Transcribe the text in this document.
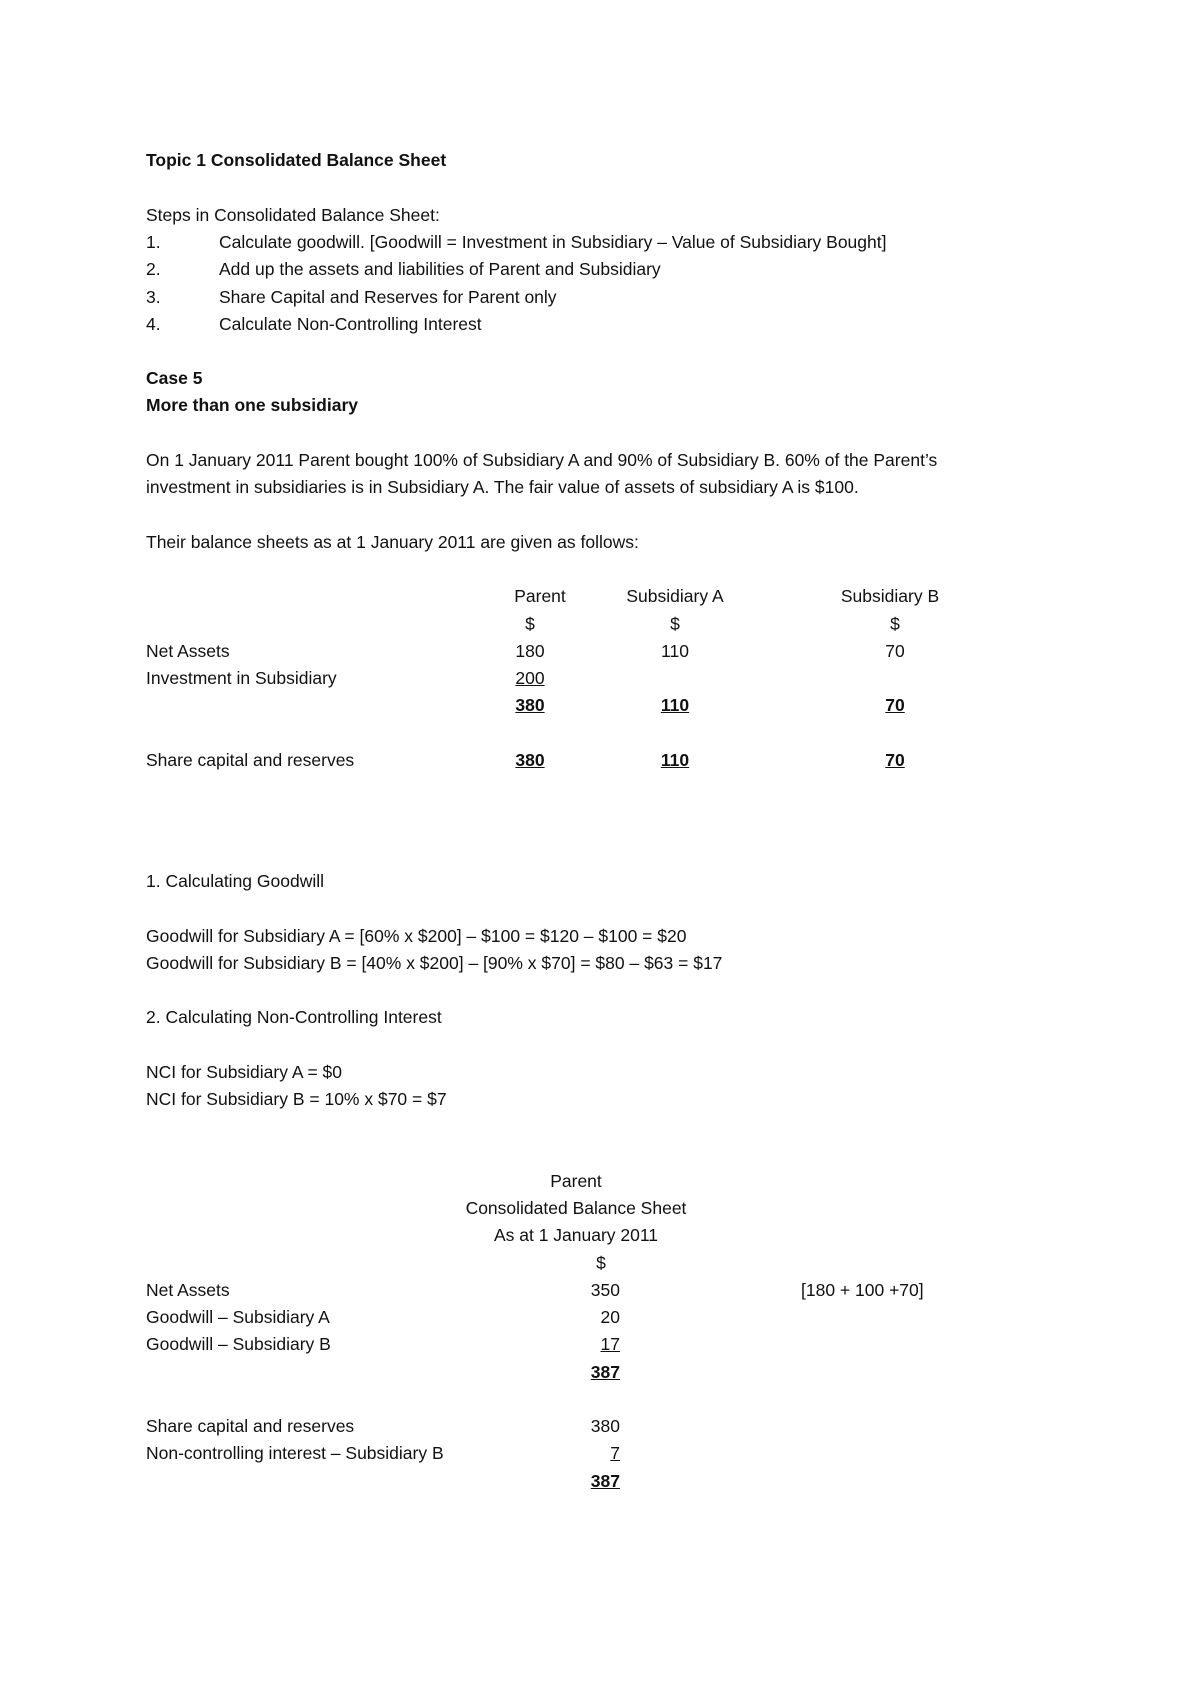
Topic 1 Consolidated Balance Sheet
Steps in Consolidated Balance Sheet:
1.	Calculate goodwill. [Goodwill = Investment in Subsidiary – Value of Subsidiary Bought]
2.	Add up the assets and liabilities of Parent and Subsidiary
3.	Share Capital and Reserves for Parent only
4.	Calculate Non-Controlling Interest
Case 5
More than one subsidiary
On 1 January 2011 Parent bought 100% of Subsidiary A and 90% of Subsidiary B. 60% of the Parent’s
investment in subsidiaries is in Subsidiary A. The fair value of assets of subsidiary A is $100.
Their balance sheets as at 1 January 2011 are given as follows:
Parent	Subsidiary A	Subsidiary B
$	$	$
Net Assets	180	110	70
Investment in Subsidiary	200
380	110	70
Share capital and reserves	380	110	70
1. Calculating Goodwill
Goodwill for Subsidiary A = [60% x $200] – $100 = $120 – $100 = $20
Goodwill for Subsidiary B = [40% x $200] – [90% x $70] = $80 – $63 = $17
2. Calculating Non-Controlling Interest
NCI for Subsidiary A = $0
NCI for Subsidiary B = 10% x $70 = $7
Parent
Consolidated Balance Sheet
As at 1 January 2011
$
Net Assets	350	[180 + 100 +70]
Goodwill – Subsidiary A	20
Goodwill – Subsidiary B	17
387
Share capital and reserves	380
Non-controlling interest – Subsidiary B	7
387
